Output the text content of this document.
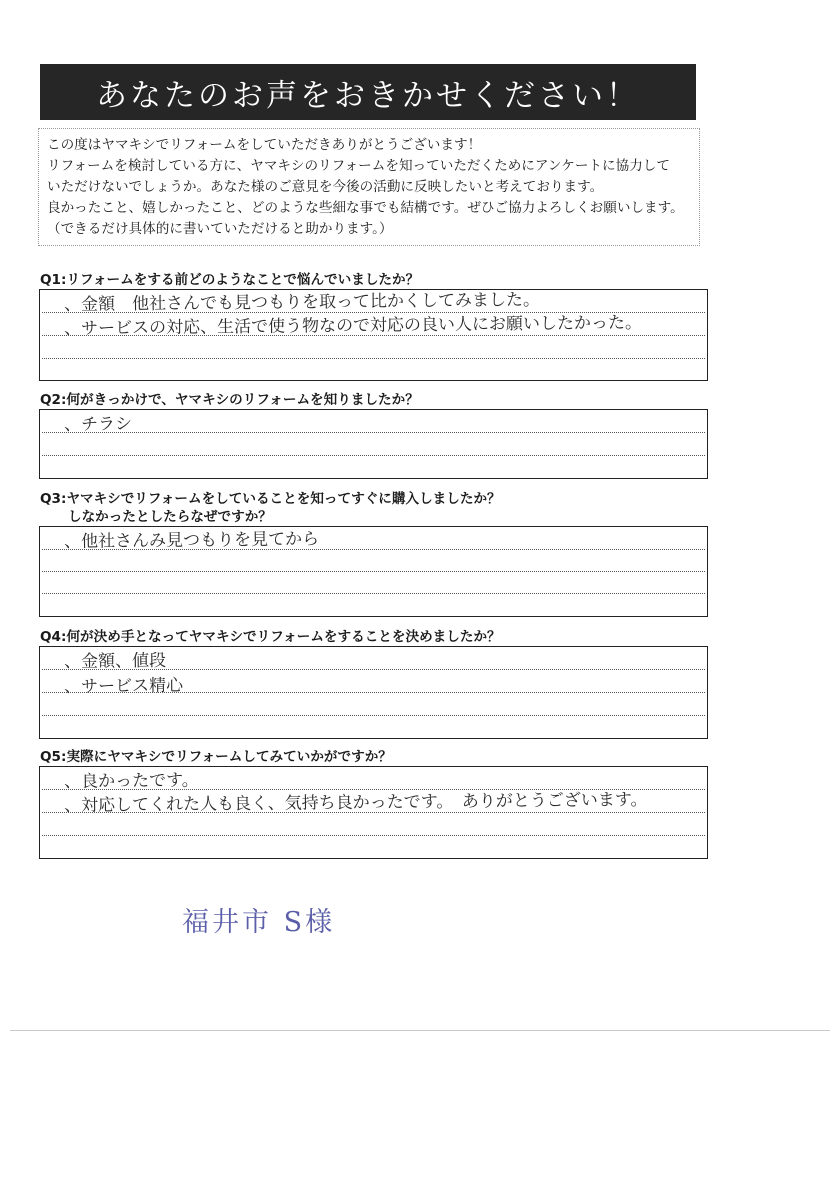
あなたのお声をおきかせください！
この度はヤマキシでリフォームをしていただきありがとうございます！
リフォームを検討している方に、ヤマキシのリフォームを知っていただくためにアンケートに協力して
いただけないでしょうか。あなた様のご意見を今後の活動に反映したいと考えております。
良かったこと、嬉しかったこと、どのような些細な事でも結構です。ぜひご協力よろしくお願いします。
（できるだけ具体的に書いていただけると助かります。）
Q1:リフォームをする前どのようなことで悩んでいましたか？
、金額　他社さんでも見つもりを取って比かくしてみました。
、サービスの対応、生活で使う物なので対応の良い人にお願いしたかった。
Q2:何がきっかけで、ヤマキシのリフォームを知りましたか？
、チラシ
Q3:ヤマキシでリフォームをしていることを知ってすぐに購入しましたか？
しなかったとしたらなぜですか？
、他社さんみ見つもりを見てから
Q4:何が決め手となってヤマキシでリフォームをすることを決めましたか？
、金額、値段
、サービス精心
Q5:実際にヤマキシでリフォームしてみていかがですか？
、良かったです。
、対応してくれた人も良く、気持ち良かったです。　ありがとうございます。
福井市 S様
